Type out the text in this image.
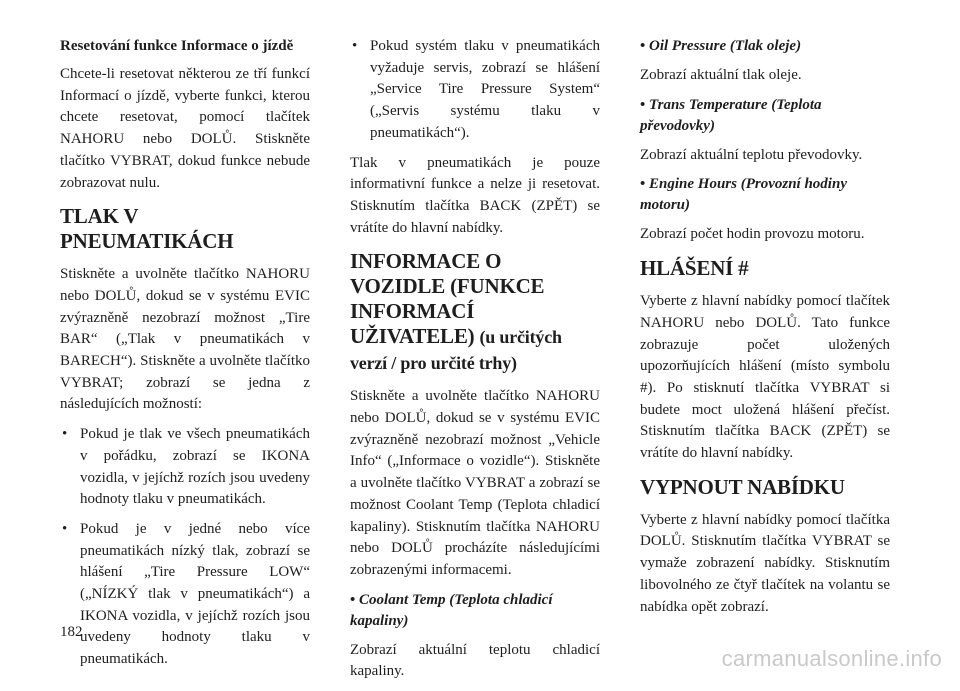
Resetování funkce Informace o jízdě

Chcete-li resetovat některou ze tří funkcí Informací o jízdě, vyberte funkci, kterou chcete resetovat, pomocí tlačítek NAHORU nebo DOLŮ. Stiskněte tlačítko VYBRAT, dokud funkce nebude zobrazovat nulu.

TLAK V PNEUMATIKÁCH

Stiskněte a uvolněte tlačítko NAHORU nebo DOLŮ, dokud se v systému EVIC zvýrazněně nezobrazí možnost „Tire BAR“ („Tlak v pneumatikách v BARECH“). Stiskněte a uvolněte tlačítko VYBRAT; zobrazí se jedna z následujících možností:

• Pokud je tlak ve všech pneumatikách v pořádku, zobrazí se IKONA vozidla, v jejíchž rozích jsou uvedeny hodnoty tlaku v pneumatikách.
• Pokud je v jedné nebo více pneumatikách nízký tlak, zobrazí se hlášení „Tire Pressure LOW“ („NÍZKÝ tlak v pneumatikách“) a IKONA vozidla, v jejíchž rozích jsou uvedeny hodnoty tlaku v pneumatikách.
• Pokud systém tlaku v pneumatikách vyžaduje servis, zobrazí se hlášení „Service Tire Pressure System“ („Servis systému tlaku v pneumatikách“).

Tlak v pneumatikách je pouze informativní funkce a nelze ji resetovat. Stisknutím tlačítka BACK (ZPĚT) se vrátíte do hlavní nabídky.

INFORMACE O VOZIDLE (FUNKCE INFORMACÍ UŽIVATELE) (u určitých verzí / pro určité trhy)

Stiskněte a uvolněte tlačítko NAHORU nebo DOLŮ, dokud se v systému EVIC zvýrazněně nezobrazí možnost „Vehicle Info“ („Informace o vozidle“). Stiskněte a uvolněte tlačítko VYBRAT a zobrazí se možnost Coolant Temp (Teplota chladicí kapaliny). Stisknutím tlačítka NAHORU nebo DOLŮ procházíte následujícími zobrazenými informacemi.

• Coolant Temp (Teplota chladicí kapaliny)

Zobrazí aktuální teplotu chladicí kapaliny.

• Oil Pressure (Tlak oleje)

Zobrazí aktuální tlak oleje.

• Trans Temperature (Teplota převodovky)

Zobrazí aktuální teplotu převodovky.

• Engine Hours (Provozní hodiny motoru)

Zobrazí počet hodin provozu motoru.

HLÁŠENÍ #

Vyberte z hlavní nabídky pomocí tlačítek NAHORU nebo DOLŮ. Tato funkce zobrazuje počet uložených upozorňujících hlášení (místo symbolu #). Po stisknutí tlačítka VYBRAT si budete moct uložená hlášení přečíst. Stisknutím tlačítka BACK (ZPĚT) se vrátíte do hlavní nabídky.

VYPNOUT NABÍDKU

Vyberte z hlavní nabídky pomocí tlačítka DOLŮ. Stisknutím tlačítka VYBRAT se vymaže zobrazení nabídky. Stisknutím libovolného ze čtyř tlačítek na volantu se nabídka opět zobrazí.

182
carmanualsonline.info
